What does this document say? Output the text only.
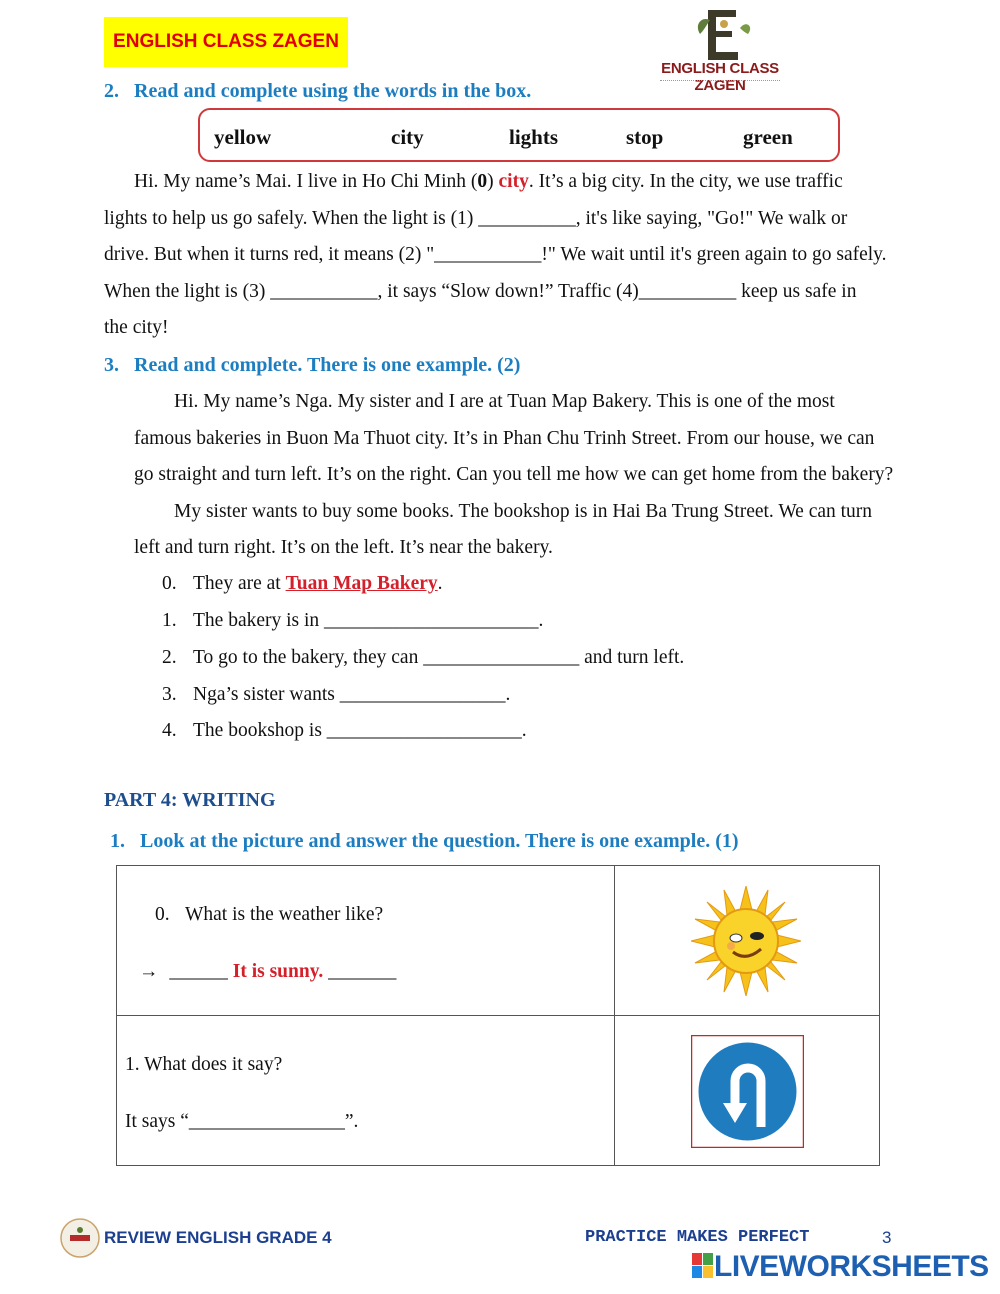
ENGLISH CLASS ZAGEN
ENGLISH CLASS ZAGEN
2. Read and complete using the words in the box.
yellow	city	lights	stop	green
Hi. My name’s Mai. I live in Ho Chi Minh (0) city. It’s a big city. In the city, we use traffic
lights to help us go safely. When the light is (1) __________, it's like saying, "Go!" We walk or
drive. But when it turns red, it means (2) "___________!" We wait until it's green again to go safely.
When the light is (3) ___________, it says “Slow down!” Traffic (4)__________ keep us safe in
the city!
3. Read and complete. There is one example. (2)
Hi. My name’s Nga. My sister and I are at Tuan Map Bakery. This is one of the most
famous bakeries in Buon Ma Thuot city. It’s in Phan Chu Trinh Street. From our house, we can
go straight and turn left. It’s on the right. Can you tell me how we can get home from the bakery?
My sister wants to buy some books. The bookshop is in Hai Ba Trung Street. We can turn
left and turn right. It’s on the left. It’s near the bakery.
0. They are at Tuan Map Bakery.
1. The bakery is in ______________________.
2. To go to the bakery, they can ________________ and turn left.
3. Nga’s sister wants _________________.
4. The bookshop is ____________________.
PART 4: WRITING
1. Look at the picture and answer the question. There is one example. (1)
0. What is the weather like?
→ ______ It is sunny. _______

1. What does it say?
It says “________________”.

REVIEW ENGLISH GRADE 4	PRACTICE MAKES PERFECT	3
LIVEWORKSHEETS
